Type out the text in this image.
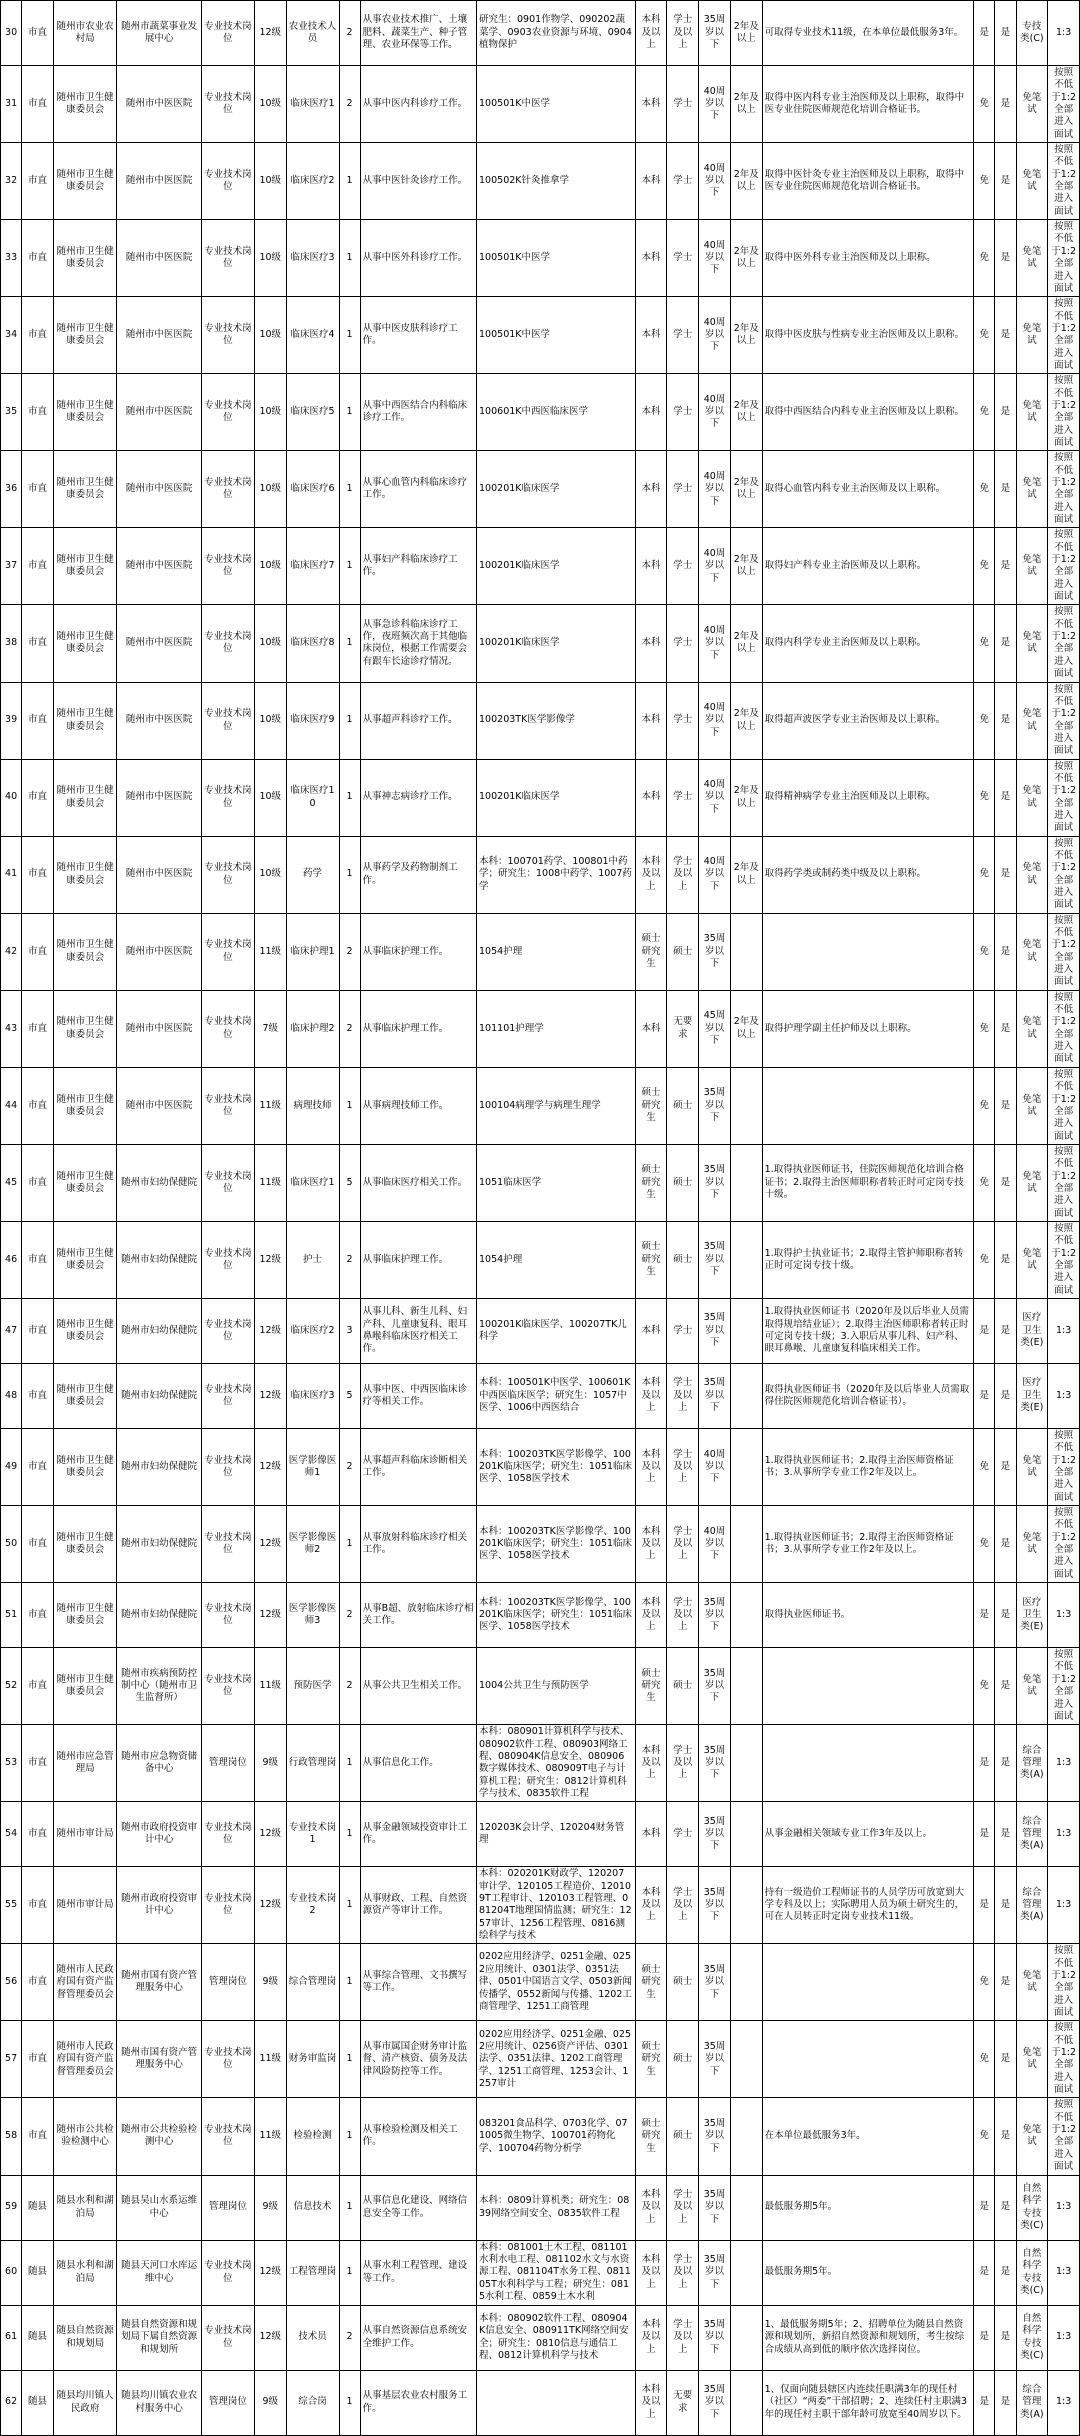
30	市直	随州市农业农村局	随州市蔬菜事业发展中心	专业技术岗位	12级	农业技术人员	2	从事农业技术推广、土壤肥料、蔬菜生产、种子管理、农业环保等工作。	研究生：0901作物学、090202蔬菜学、0903农业资源与环境、0904植物保护	本科及以上	学士及以上	35周岁以下	2年及以上	可取得专业技术11级，在本单位最低服务3年。	是	是	专技类(C)	1:3
31	市直	随州市卫生健康委员会	随州市中医医院	专业技术岗位	10级	临床医疗1	2	从事中医内科诊疗工作。	100501K中医学	本科	学士	40周岁以下	2年及以上	取得中医内科专业主治医师及以上职称，取得中医专业住院医师规范化培训合格证书。	免	是	免笔试	按照不低于1:2全部进入面试
32	市直	随州市卫生健康委员会	随州市中医医院	专业技术岗位	10级	临床医疗2	1	从事中医针灸诊疗工作。	100502K针灸推拿学	本科	学士	40周岁以下	2年及以上	取得中医针灸专业主治医师及以上职称，取得中医专业住院医师规范化培训合格证书。	免	是	免笔试	按照不低于1:2全部进入面试
33	市直	随州市卫生健康委员会	随州市中医医院	专业技术岗位	10级	临床医疗3	1	从事中医外科诊疗工作。	100501K中医学	本科	学士	40周岁以下	2年及以上	取得中医外科专业主治医师及以上职称。	免	是	免笔试	按照不低于1:2全部进入面试
34	市直	随州市卫生健康委员会	随州市中医医院	专业技术岗位	10级	临床医疗4	1	从事中医皮肤科诊疗工作。	100501K中医学	本科	学士	40周岁以下	2年及以上	取得中医皮肤与性病专业主治医师及以上职称。	免	是	免笔试	按照不低于1:2全部进入面试
35	市直	随州市卫生健康委员会	随州市中医医院	专业技术岗位	10级	临床医疗5	1	从事中西医结合内科临床诊疗工作。	100601K中西医临床医学	本科	学士	40周岁以下	2年及以上	取得中西医结合内科专业主治医师及以上职称。	免	是	免笔试	按照不低于1:2全部进入面试
36	市直	随州市卫生健康委员会	随州市中医医院	专业技术岗位	10级	临床医疗6	1	从事心血管内科临床诊疗工作。	100201K临床医学	本科	学士	40周岁以下	2年及以上	取得心血管内科专业主治医师及以上职称。	免	是	免笔试	按照不低于1:2全部进入面试
37	市直	随州市卫生健康委员会	随州市中医医院	专业技术岗位	10级	临床医疗7	1	从事妇产科临床诊疗工作。	100201K临床医学	本科	学士	40周岁以下	2年及以上	取得妇产科专业主治医师及以上职称。	免	是	免笔试	按照不低于1:2全部进入面试
38	市直	随州市卫生健康委员会	随州市中医医院	专业技术岗位	10级	临床医疗8	1	从事急诊科临床诊疗工作，夜班频次高于其他临床岗位，根据工作需要会有跟车长途诊疗情况。	100201K临床医学	本科	学士	40周岁以下	2年及以上	取得内科学专业主治医师及以上职称。	免	是	免笔试	按照不低于1:2全部进入面试
39	市直	随州市卫生健康委员会	随州市中医医院	专业技术岗位	10级	临床医疗9	1	从事超声科诊疗工作。	100203TK医学影像学	本科	学士	40周岁以下	2年及以上	取得超声波医学专业主治医师及以上职称。	免	是	免笔试	按照不低于1:2全部进入面试
40	市直	随州市卫生健康委员会	随州市中医医院	专业技术岗位	10级	临床医疗10	1	从事神志病诊疗工作。	100201K临床医学	本科	学士	40周岁以下	2年及以上	取得精神病学专业主治医师及以上职称。	免	是	免笔试	按照不低于1:2全部进入面试
41	市直	随州市卫生健康委员会	随州市中医医院	专业技术岗位	10级	药学	1	从事药学及药物制剂工作。	本科：100701药学、100801中药学；研究生：1008中药学、1007药学	本科及以上	学士及以上	40周岁以下	2年及以上	取得药学类或制药类中级及以上职称。	免	是	免笔试	按照不低于1:2全部进入面试
42	市直	随州市卫生健康委员会	随州市中医医院	专业技术岗位	11级	临床护理1	2	从事临床护理工作。	1054护理	硕士研究生	硕士	35周岁以下			免	是	免笔试	按照不低于1:2全部进入面试
43	市直	随州市卫生健康委员会	随州市中医医院	专业技术岗位	7级	临床护理2	2	从事临床护理工作。	101101护理学	本科	无要求	45周岁以下	2年及以上	取得护理学副主任护师及以上职称。	免	是	免笔试	按照不低于1:2全部进入面试
44	市直	随州市卫生健康委员会	随州市中医医院	专业技术岗位	11级	病理技师	1	从事病理技师工作。	100104病理学与病理生理学	硕士研究生	硕士	35周岁以下			免	是	免笔试	按照不低于1:2全部进入面试
45	市直	随州市卫生健康委员会	随州市妇幼保健院	专业技术岗位	11级	临床医疗1	5	从事临床医疗相关工作。	1051临床医学	硕士研究生	硕士	35周岁以下		1.取得执业医师证书，住院医师规范化培训合格证书；2.取得主治医师职称者转正时可定岗专技十级。	免	是	免笔试	按照不低于1:2全部进入面试
46	市直	随州市卫生健康委员会	随州市妇幼保健院	专业技术岗位	12级	护士	2	从事临床护理工作。	1054护理	硕士研究生	硕士	35周岁以下		1.取得护士执业证书；2.取得主管护师职称者转正时可定岗专技十级。	免	是	免笔试	按照不低于1:2全部进入面试
47	市直	随州市卫生健康委员会	随州市妇幼保健院	专业技术岗位	12级	临床医疗2	3	从事儿科、新生儿科、妇产科、儿童康复科、眼耳鼻喉科临床医疗相关工作。	100201K临床医学、100207TK儿科学	本科	学士	35周岁以下		1.取得执业医师证书（2020年及以后毕业人员需取得规培结业证）；2.取得主治医师职称者转正时可定岗专技十级；3.入职后从事儿科、妇产科、眼耳鼻喉、儿童康复科临床相关工作。	是	是	医疗卫生类(E)	1:3
48	市直	随州市卫生健康委员会	随州市妇幼保健院	专业技术岗位	12级	临床医疗3	5	从事中医、中西医临床诊疗等相关工作。	本科：100501K中医学、100601K中西医临床医学；研究生：1057中医学、1006中西医结合	本科及以上	学士及以上	35周岁以下		取得执业医师证书（2020年及以后毕业人员需取得住院医师规范化培训合格证书）。	是	是	医疗卫生类(E)	1:3
49	市直	随州市卫生健康委员会	随州市妇幼保健院	专业技术岗位	12级	医学影像医师1	2	从事超声科临床诊断相关工作。	本科：100203TK医学影像学、100201K临床医学；研究生：1051临床医学、1058医学技术	本科及以上	学士及以上	40周岁以下		1.取得执业医师证书；2.取得主治医师资格证书；3.从事所学专业工作2年及以上。	免	是	免笔试	按照不低于1:2全部进入面试
50	市直	随州市卫生健康委员会	随州市妇幼保健院	专业技术岗位	12级	医学影像医师2	1	从事放射科临床诊疗相关工作。	本科：100203TK医学影像学、100201K临床医学；研究生：1051临床医学、1058医学技术	本科及以上	学士及以上	40周岁以下		1.取得执业医师证书；2.取得主治医师资格证书；3.从事所学专业工作2年及以上。	免	是	免笔试	按照不低于1:2全部进入面试
51	市直	随州市卫生健康委员会	随州市妇幼保健院	专业技术岗位	12级	医学影像医师3	2	从事B超、放射临床诊疗相关工作。	本科：100203TK医学影像学、100201K临床医学；研究生：1051临床医学、1058医学技术	本科及以上	学士及以上	35周岁以下		取得执业医师证书。	是	是	医疗卫生类(E)	1:3
52	市直	随州市卫生健康委员会	随州市疾病预防控制中心（随州市卫生监督所）	专业技术岗位	11级	预防医学	2	从事公共卫生相关工作。	1004公共卫生与预防医学	硕士研究生	硕士	35周岁以下			免	是	免笔试	按照不低于1:2全部进入面试
53	市直	随州市应急管理局	随州市应急物资储备中心	管理岗位	9级	行政管理岗	1	从事信息化工作。	本科：080901计算机科学与技术、080902软件工程、080903网络工程、080904K信息安全、080906数字媒体技术、080909T电子与计算机工程；研究生：0812计算机科学与技术、0835软件工程	本科及以上	学士及以上	35周岁以下			是	是	综合管理类(A)	1:3
54	市直	随州市审计局	随州市政府投资审计中心	专业技术岗位	12级	专业技术岗1	1	从事金融领域投资审计工作。	120203K会计学、120204财务管理	本科	学士	35周岁以下		从事金融相关领域专业工作3年及以上。	是	是	综合管理类(A)	1:3
55	市直	随州市审计局	随州市政府投资审计中心	专业技术岗位	12级	专业技术岗2	1	从事财政、工程、自然资源资产等审计工作。	本科：020201K财政学、120207审计学、120105工程造价、120109T工程审计、120103工程管理、081204T地理国情监测；研究生：1257审计、1256工程管理、0816测绘科学与技术	本科及以上	学士及以上	35周岁以下		持有一级造价工程师证书的人员学历可放宽到大学专科及以上；实际聘用人员为硕士研究生的，可在人员转正时定岗专业技术11级。	是	是	综合管理类(A)	1:3
56	市直	随州市人民政府国有资产监督管理委员会	随州市国有资产管理服务中心	管理岗位	9级	综合管理岗	1	从事综合管理、文书撰写等工作。	0202应用经济学、0251金融、0252应用统计、0301法学、0351法律、0501中国语言文学、0503新闻传播学、0552新闻与传播、1202工商管理学、1251工商管理	硕士研究生	硕士	35周岁以下			免	是	免笔试	按照不低于1:2全部进入面试
57	市直	随州市人民政府国有资产监督管理委员会	随州市国有资产管理服务中心	专业技术岗位	11级	财务审监岗	1	从事市属国企财务审计监督、清产核资、债务及法律风险防控等工作。	0202应用经济学、0251金融、0252应用统计、0256资产评估、0301法学、0351法律、1202工商管理学、1251工商管理、1253会计、1257审计	硕士研究生	硕士	35周岁以下			免	是	免笔试	按照不低于1:2全部进入面试
58	市直	随州市公共检验检测中心	随州市公共检验检测中心	专业技术岗位	11级	检验检测	1	从事检验检测及相关工作。	083201食品科学、0703化学、071005微生物学、100701药物化学、100704药物分析学	硕士研究生	硕士	35周岁以下		在本单位最低服务3年。	免	是	免笔试	按照不低于1:2全部进入面试
59	随县	随县水利和湖泊局	随县吴山水系运维中心	管理岗位	9级	信息技术	1	从事信息化建设、网络信息安全等工作。	本科：0809计算机类；研究生：0839网络空间安全、0835软件工程	本科及以上	学士及以上	35周岁以下		最低服务期5年。	是	是	自然科学专技类(C)	1:3
60	随县	随县水利和湖泊局	随县天河口水库运维中心	专业技术岗位	12级	工程管理岗	1	从事水利工程管理、建设等工作。	本科：081001土木工程、081101水利水电工程、081102水文与水资源工程、081104T水务工程、081105T水利科学与工程；研究生：0815水利工程、0859土木水利	本科及以上	学士及以上	35周岁以下		最低服务期5年。	是	是	自然科学专技类(C)	1:3
61	随县	随县自然资源和规划局	随县自然资源和规划局下属自然资源和规划所	专业技术岗位	12级	技术员	2	从事自然资源信息系统安全维护工作。	本科：080902软件工程、080904K信息安全、080911TK网络空间安全；研究生：0810信息与通信工程、0812计算机科学与技术	本科及以上	学士及以上	35周岁以下		1、最低服务期5年；2、招聘单位为随县自然资源和规划所，新招自然资源和规划所，考生按综合成绩从高到低的顺序依次选择岗位。	是	是	自然科学专技类(C)	1:3
62	随县	随县均川镇人民政府	随县均川镇农业农村服务中心	管理岗位	9级	综合岗	1	从事基层农业农村服务工作。		本科及以上	无要求	35周岁以下		1、仅面向随县辖区内连续任职满3年的现任村（社区）“两委”干部招聘；2、连续任村主职满3年的现任村主职干部年龄可放宽至40周岁以下。	是	是	综合管理类(A)	1:3
